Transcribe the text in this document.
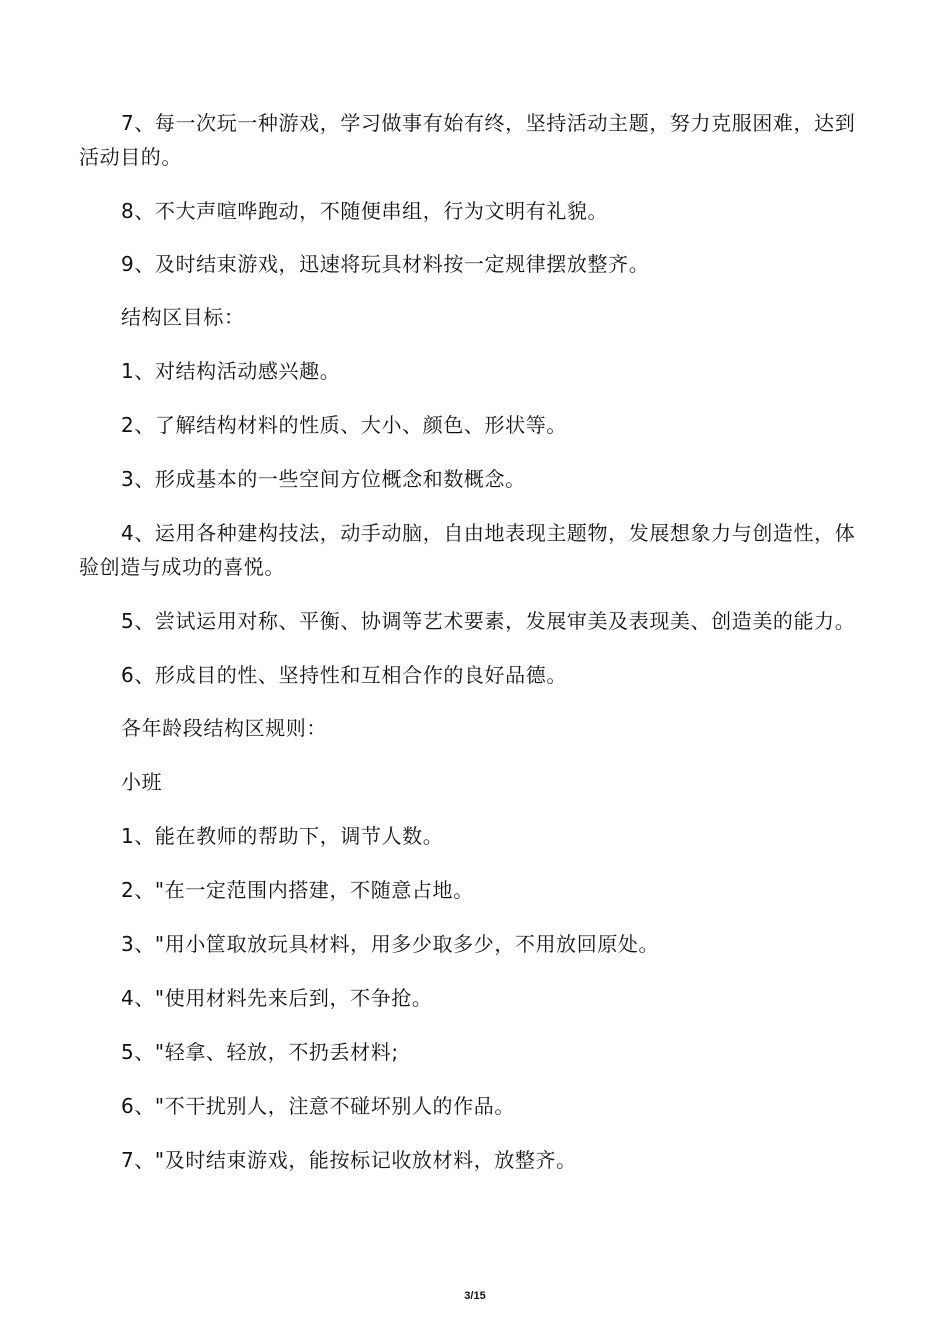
7、每一次玩一种游戏，学习做事有始有终，坚持活动主题，努力克服困难，达到活动目的。

8、不大声喧哗跑动，不随便串组，行为文明有礼貌。

9、及时结束游戏，迅速将玩具材料按一定规律摆放整齐。

结构区目标：

1、对结构活动感兴趣。

2、了解结构材料的性质、大小、颜色、形状等。

3、形成基本的一些空间方位概念和数概念。

4、运用各种建构技法，动手动脑，自由地表现主题物，发展想象力与创造性，体验创造与成功的喜悦。

5、尝试运用对称、平衡、协调等艺术要素，发展审美及表现美、创造美的能力。

6、形成目的性、坚持性和互相合作的良好品德。

各年龄段结构区规则：

小班

1、能在教师的帮助下，调节人数。

2、"在一定范围内搭建，不随意占地。

3、"用小筐取放玩具材料，用多少取多少，不用放回原处。

4、"使用材料先来后到，不争抢。

5、"轻拿、轻放，不扔丢材料;

6、"不干扰别人，注意不碰坏别人的作品。

7、"及时结束游戏，能按标记收放材料，放整齐。

3/15
